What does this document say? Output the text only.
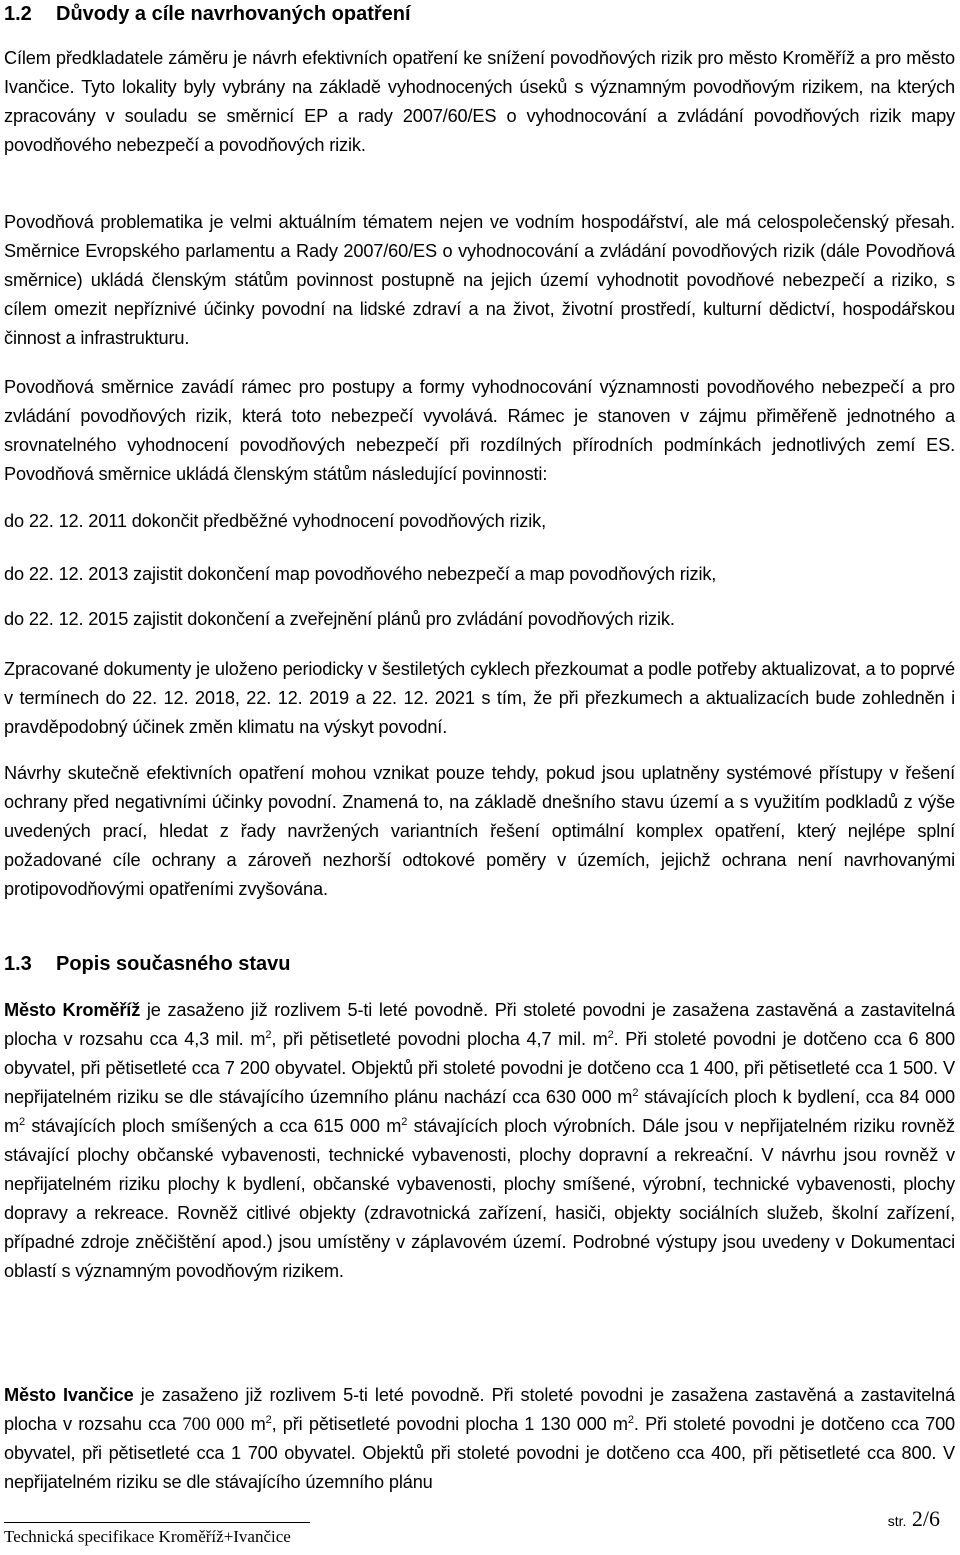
1.2 Důvody a cíle navrhovaných opatření

Cílem předkladatele záměru je návrh efektivních opatření ke snížení povodňových rizik pro město Kroměříž a pro město Ivančice. Tyto lokality byly vybrány na základě vyhodnocených úseků s významným povodňovým rizikem, na kterých zpracovány v souladu se směrnicí EP a rady 2007/60/ES o vyhodnocování a zvládání povodňových rizik mapy povodňového nebezpečí a povodňových rizik.

Povodňová problematika je velmi aktuálním tématem nejen ve vodním hospodářství, ale má celospolečenský přesah. Směrnice Evropského parlamentu a Rady 2007/60/ES o vyhodnocování a zvládání povodňových rizik (dále Povodňová směrnice) ukládá členským státům povinnost postupně na jejich území vyhodnotit povodňové nebezpečí a riziko, s cílem omezit nepříznivé účinky povodní na lidské zdraví a na život, životní prostředí, kulturní dědictví, hospodářskou činnost a infrastrukturu.

Povodňová směrnice zavádí rámec pro postupy a formy vyhodnocování významnosti povodňového nebezpečí a pro zvládání povodňových rizik, která toto nebezpečí vyvolává. Rámec je stanoven v zájmu přiměřeně jednotného a srovnatelného vyhodnocení povodňových nebezpečí při rozdílných přírodních podmínkách jednotlivých zemí ES. Povodňová směrnice ukládá členským státům následující povinnosti:

do 22. 12. 2011 dokončit předběžné vyhodnocení povodňových rizik,

do 22. 12. 2013 zajistit dokončení map povodňového nebezpečí a map povodňových rizik,

do 22. 12. 2015 zajistit dokončení a zveřejnění plánů pro zvládání povodňových rizik.

Zpracované dokumenty je uloženo periodicky v šestiletých cyklech přezkoumat a podle potřeby aktualizovat, a to poprvé v termínech do 22. 12. 2018, 22. 12. 2019 a 22. 12. 2021 s tím, že při přezkumech a aktualizacích bude zohledněn i pravděpodobný účinek změn klimatu na výskyt povodní.

Návrhy skutečně efektivních opatření mohou vznikat pouze tehdy, pokud jsou uplatněny systémové přístupy v řešení ochrany před negativními účinky povodní. Znamená to, na základě dnešního stavu území a s využitím podkladů z výše uvedených prací, hledat z řady navržených variantních řešení optimální komplex opatření, který nejlépe splní požadované cíle ochrany a zároveň nezhorší odtokové poměry v územích, jejichž ochrana není navrhovanými protipovodňovými opatřeními zvyšována.

1.3 Popis současného stavu

Město Kroměříž je zasaženo již rozlivem 5-ti leté povodně. Při stoleté povodni je zasažena zastavěná a zastavitelná plocha v rozsahu cca 4,3 mil. $m^2$, při pětisetleté povodni plocha 4,7 mil. $m^2$. Při stoleté povodni je dotčeno cca 6 800 obyvatel, při pětisetleté cca 7 200 obyvatel. Objektů při stoleté povodni je dotčeno cca 1 400, při pětisetleté cca 1 500. V nepřijatelném riziku se dle stávajícího územního plánu nachází cca 630 000 $m^2$ stávajících ploch k bydlení, cca 84 000 $m^2$ stávajících ploch smíšených a cca 615 000 $m^2$ stávajících ploch výrobních. Dále jsou v nepřijatelném riziku rovněž stávající plochy občanské vybavenosti, technické vybavenosti, plochy dopravní a rekreační. V návrhu jsou rovněž v nepřijatelném riziku plochy k bydlení, občanské vybavenosti, plochy smíšené, výrobní, technické vybavenosti, plochy dopravy a rekreace. Rovněž citlivé objekty (zdravotnická zařízení, hasiči, objekty sociálních služeb, školní zařízení, případné zdroje zněčištění apod.) jsou umístěny v záplavovém území. Podrobné výstupy jsou uvedeny v Dokumentaci oblastí s významným povodňovým rizikem.

Město Ivančice je zasaženo již rozlivem 5-ti leté povodně. Při stoleté povodni je zasažena zastavěná a zastavitelná plocha v rozsahu cca 700 000 $m^2$, při pětisetleté povodni plocha 1 130 000 $m^2$. Při stoleté povodni je dotčeno cca 700 obyvatel, při pětisetleté cca 1 700 obyvatel. Objektů při stoleté povodni je dotčeno cca 400, při pětisetleté cca 800. V nepřijatelném riziku se dle stávajícího územního plánu

Technická specifikace Kroměříž+Ivančice
str. 2/6
